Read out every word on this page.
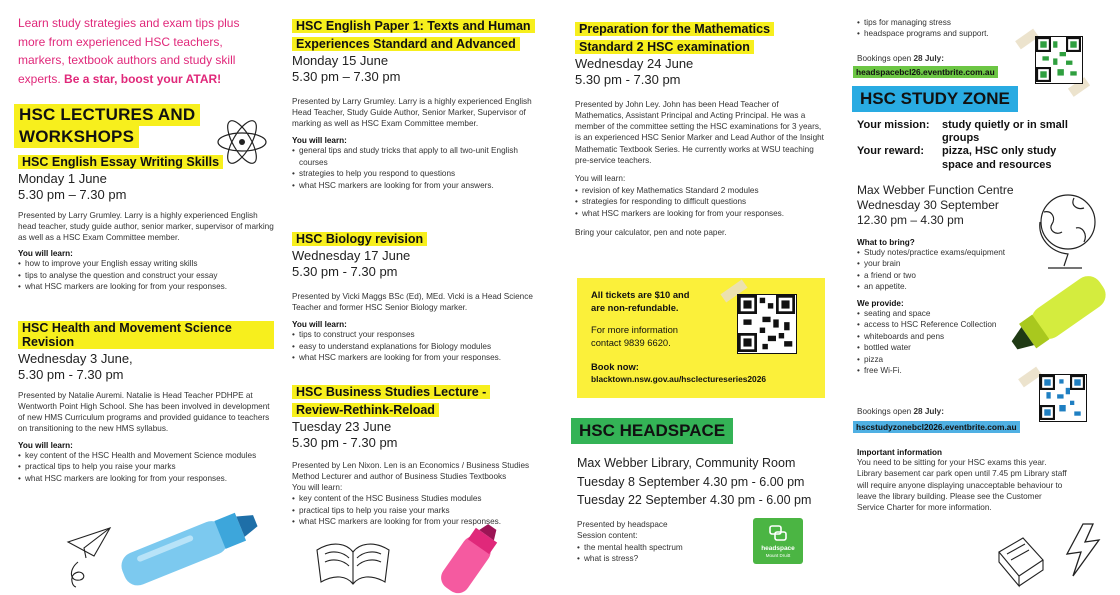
Learn study strategies and exam tips plus more from experienced HSC teachers, markers, textbook authors and study skill experts. Be a star, boost your ATAR!
HSC LECTURES AND
WORKSHOPS
HSC English Essay Writing Skills
Monday 1 June
5.30 pm – 7.30 pm
Presented by Larry Grumley. Larry is a highly experienced English head teacher, study guide author, senior marker, supervisor of marking as well as a HSC Exam Committee member.
You will learn:
• how to improve your English essay writing skills
• tips to analyse the question and construct your essay
• what HSC markers are looking for from your responses.
HSC Health and Movement Science Revision
Wednesday 3 June,
5.30 pm - 7.30 pm
Presented by Natalie Auremi. Natalie is Head Teacher PDHPE at Wentworth Point High School. She has been involved in development of new HMS Curriculum programs and provided guidance to teachers on transitioning to the new HMS syllabus.
You will learn:
• key content of the HSC Health and Movement Science modules
• practical tips to help you raise your marks
• what HSC markers are looking for from your responses.
HSC English Paper 1: Texts and Human
Experiences Standard and Advanced
Monday 15 June
5.30 pm – 7.30 pm
Presented by Larry Grumley. Larry is a highly experienced English Head Teacher, Study Guide Author, Senior Marker, Supervisor of marking as well as HSC Exam Committee member.
You will learn:
• general tips and study tricks that apply to all two-unit English courses
• strategies to help you respond to questions
• what HSC markers are looking for from your answers.
HSC Biology revision
Wednesday 17 June
5.30 pm - 7.30 pm
Presented by Vicki Maggs BSc (Ed), MEd. Vicki is a Head Science Teacher and former HSC Senior Biology marker.
You will learn:
• tips to construct your responses
• easy to understand explanations for Biology modules
• what HSC markers are looking for from your responses.
HSC Business Studies Lecture -
Review-Rethink-Reload
Tuesday 23 June
5.30 pm - 7.30 pm
Presented by Len Nixon. Len is an Economics / Business Studies Method Lecturer and author of Business Studies Textbooks
You will learn:
• key content of the HSC Business Studies modules
• practical tips to help you raise your marks
• what HSC markers are looking for from your responses.
Preparation for the Mathematics
Standard 2 HSC examination
Wednesday 24 June
5.30 pm - 7.30 pm
Presented by John Ley. John has been Head Teacher of Mathematics, Assistant Principal and Acting Principal. He was a member of the committee setting the HSC examinations for 3 years, is an experienced HSC Senior Marker and Lead Author of the Insight Mathematic Textbook Series. He currently works at WSU teaching pre-service teachers.
You will learn:
• revision of key Mathematics Standard 2 modules
• strategies for responding to difficult questions
• what HSC markers are looking for from your responses.
Bring your calculator, pen and note paper.
All tickets are $10 and
are non-refundable.
For more information
contact 9839 6620.
Book now:
blacktown.nsw.gov.au/hsclectureseries2026
HSC HEADSPACE
Max Webber Library, Community Room
Tuesday 8 September 4.30 pm - 6.00 pm
Tuesday 22 September 4.30 pm - 6.00 pm
Presented by headspace
Session content:
• the mental health spectrum
• what is stress?
headspace
Mount Druitt
• tips for managing stress
• headspace programs and support.
Bookings open 28 July:
headspacebcl26.eventbrite.com.au
HSC STUDY ZONE
Your mission:	study quietly or in small
groups
Your reward:	pizza, HSC only study
space and resources
Max Webber Function Centre
Wednesday 30 September
12.30 pm – 4.30 pm
What to bring?
• Study notes/practice exams/equipment
• your brain
• a friend or two
• an appetite.
We provide:
• seating and space
• access to HSC Reference Collection
• whiteboards and pens
• bottled water
• pizza
• free Wi-Fi.
Bookings open 28 July:
hscstudyzonebcl2026.eventbrite.com.au
Important information
You need to be sitting for your HSC exams this year. Library basement car park open until 7.45 pm Library staff will require anyone displaying unacceptable behaviour to leave the library building. Please see the Customer Service Charter for more information.
